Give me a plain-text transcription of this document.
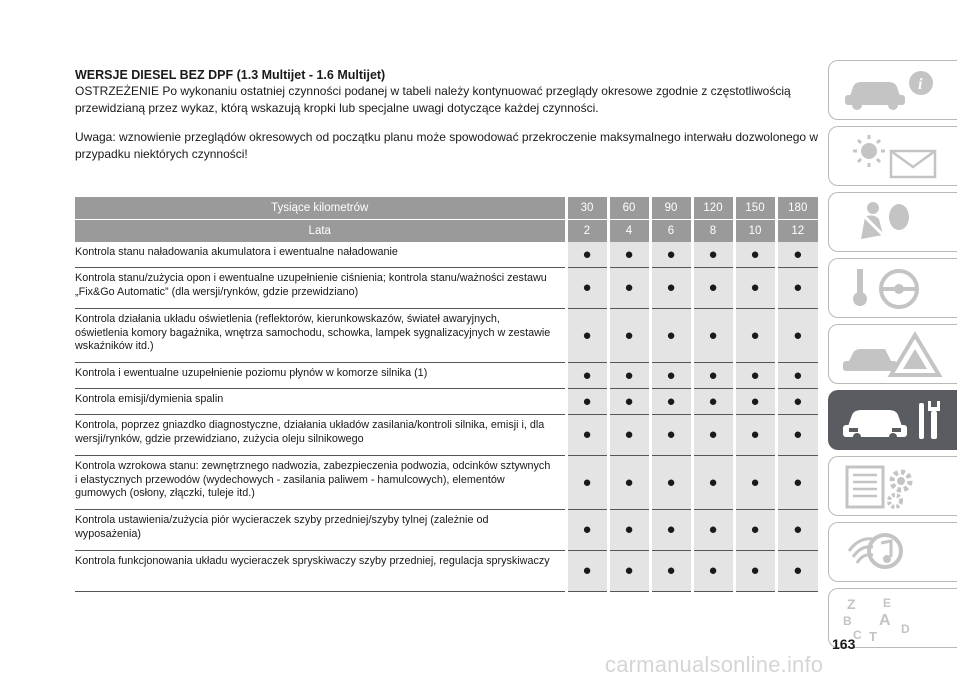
WERSJE DIESEL BEZ DPF (1.3 Multijet - 1.6 Multijet)

OSTRZEŻENIE Po wykonaniu ostatniej czynności podanej w tabeli należy kontynuować przeglądy okresowe zgodnie z częstotliwością przewidzianą przez wykaz, którą wskazują kropki lub specjalne uwagi dotyczące każdej czynności.

Uwaga: wznowienie przeglądów okresowych od początku planu może spowodować przekroczenie maksymalnego interwału dozwolonego w przypadku niektórych czynności!

Tysiące kilometrów	30	60	90	120	150	180
Lata	2	4	6	8	10	12
Kontrola stanu naładowania akumulatora i ewentualne naładowanie	●	●	●	●	●	●
Kontrola stanu/zużycia opon i ewentualne uzupełnienie ciśnienia; kontrola stanu/ważności zestawu „Fix&Go Automatic” (dla wersji/rynków, gdzie przewidziano)	●	●	●	●	●	●
Kontrola działania układu oświetlenia (reflektorów, kierunkowskazów, świateł awaryjnych, oświetlenia komory bagażnika, wnętrza samochodu, schowka, lampek sygnalizacyjnych w zestawie wskaźników itd.)	●	●	●	●	●	●
Kontrola i ewentualne uzupełnienie poziomu płynów w komorze silnika (1)	●	●	●	●	●	●
Kontrola emisji/dymienia spalin	●	●	●	●	●	●
Kontrola, poprzez gniazdko diagnostyczne, działania układów zasilania/kontroli silnika, emisji i, dla wersji/rynków, gdzie przewidziano, zużycia oleju silnikowego	●	●	●	●	●	●
Kontrola wzrokowa stanu: zewnętrznego nadwozia, zabezpieczenia podwozia, odcinków sztywnych i elastycznych przewodów (wydechowych - zasilania paliwem - hamulcowych), elementów gumowych (osłony, złączki, tuleje itd.)	●	●	●	●	●	●
Kontrola ustawienia/zużycia piór wycieraczek szyby przedniej/szyby tylnej (zależnie od wyposażenia)	●	●	●	●	●	●
Kontrola funkcjonowania układu wycieraczek spryskiwaczy szyby przedniej, regulacja spryskiwaczy	●	●	●	●	●	●
i
Z E
B A
C	D
T
163
carmanualsonline.info
